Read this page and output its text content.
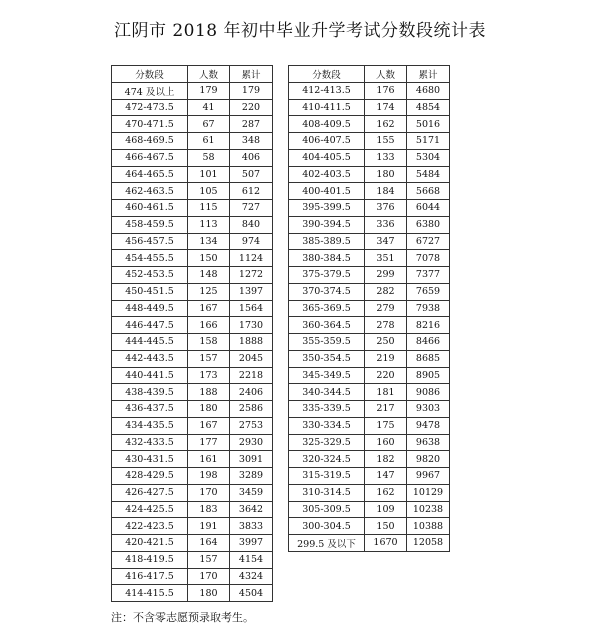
江阴市 2018 年初中毕业升学考试分数段统计表
分数段	人数	累计
474 及以上	179	179
472-473.5	41	220
470-471.5	67	287
468-469.5	61	348
466-467.5	58	406
464-465.5	101	507
462-463.5	105	612
460-461.5	115	727
458-459.5	113	840
456-457.5	134	974
454-455.5	150	1124
452-453.5	148	1272
450-451.5	125	1397
448-449.5	167	1564
446-447.5	166	1730
444-445.5	158	1888
442-443.5	157	2045
440-441.5	173	2218
438-439.5	188	2406
436-437.5	180	2586
434-435.5	167	2753
432-433.5	177	2930
430-431.5	161	3091
428-429.5	198	3289
426-427.5	170	3459
424-425.5	183	3642
422-423.5	191	3833
420-421.5	164	3997
418-419.5	157	4154
416-417.5	170	4324
414-415.5	180	4504
分数段	人数	累计
412-413.5	176	4680
410-411.5	174	4854
408-409.5	162	5016
406-407.5	155	5171
404-405.5	133	5304
402-403.5	180	5484
400-401.5	184	5668
395-399.5	376	6044
390-394.5	336	6380
385-389.5	347	6727
380-384.5	351	7078
375-379.5	299	7377
370-374.5	282	7659
365-369.5	279	7938
360-364.5	278	8216
355-359.5	250	8466
350-354.5	219	8685
345-349.5	220	8905
340-344.5	181	9086
335-339.5	217	9303
330-334.5	175	9478
325-329.5	160	9638
320-324.5	182	9820
315-319.5	147	9967
310-314.5	162	10129
305-309.5	109	10238
300-304.5	150	10388
299.5 及以下	1670	12058
注：不含零志愿预录取考生。
